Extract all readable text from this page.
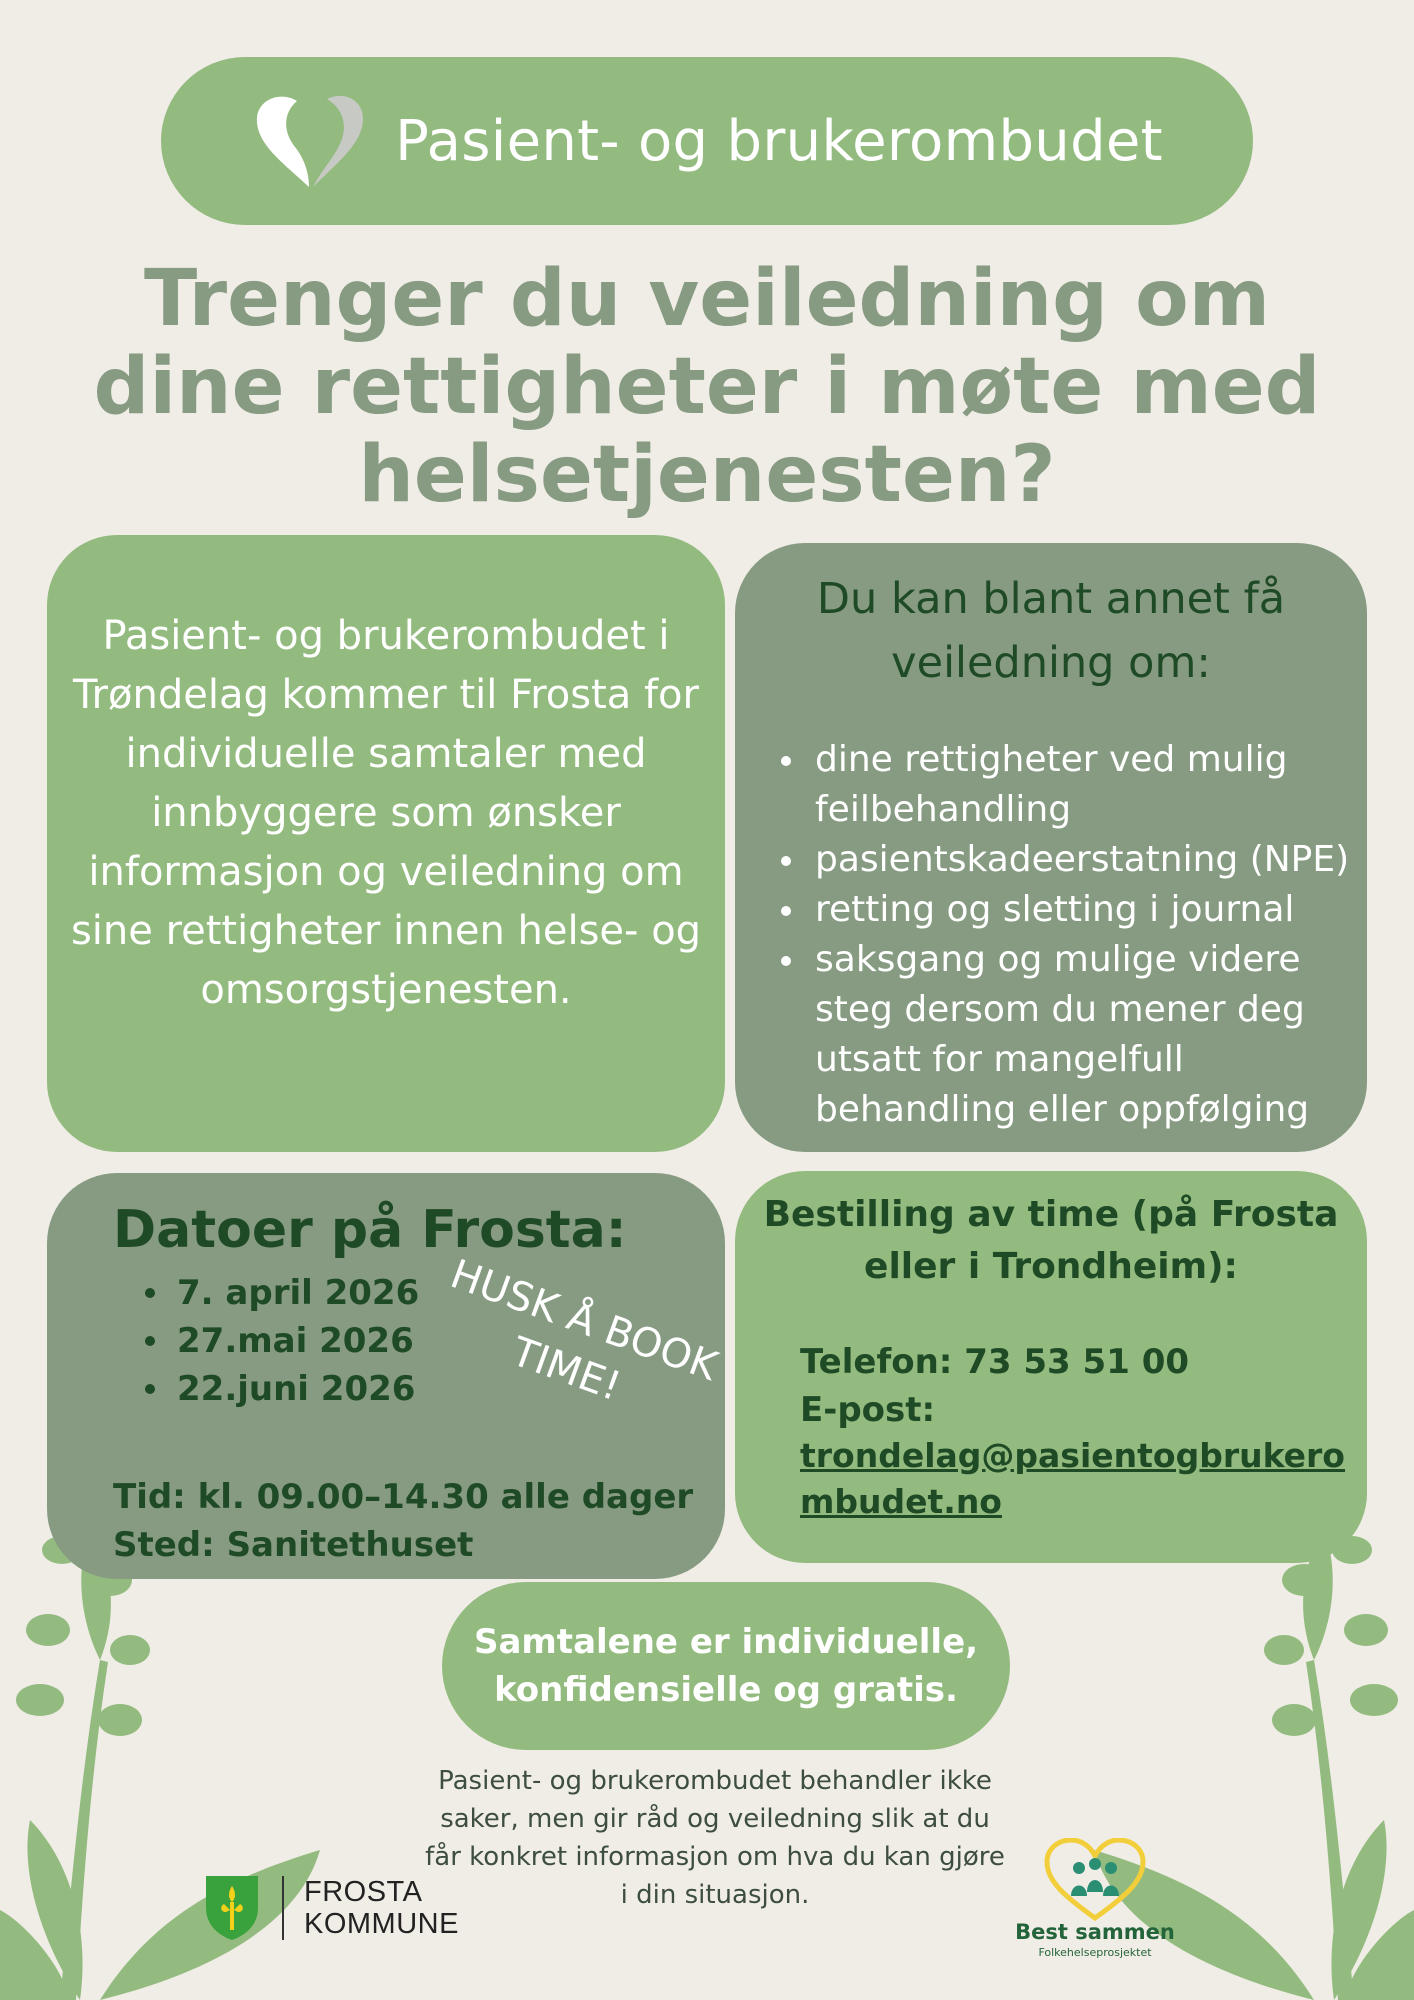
Pasient- og brukerombudet
Trenger du veiledning om dine rettigheter i møte med helsetjenesten?

Pasient- og brukerombudet i Trøndelag kommer til Frosta for individuelle samtaler med innbyggere som ønsker informasjon og veiledning om sine rettigheter innen helse- og omsorgstjenesten.

Du kan blant annet få veiledning om:
dine rettigheter ved mulig feilbehandling
pasientskadeerstatning (NPE)
retting og sletting i journal
saksgang og mulige videre steg dersom du mener deg utsatt for mangelfull behandling eller oppfølging
Datoer på Frosta:
7. april 2026
27.mai 2026
22.juni 2026 HUSK Å BOOK TIME!
Tid: kl. 09.00–14.30 alle dager
Sted: Sanitethuset
Bestilling av time (på Frosta eller i Trondheim):
Telefon: 73 53 51 00
E-post:
trondelag@pasientogbrukerombudet.no

Samtalene er individuelle, konfidensielle og gratis.

Pasient- og brukerombudet behandler ikke saker, men gir råd og veiledning slik at du får konkret informasjon om hva du kan gjøre i din situasjon.

FROSTA
KOMMUNE	Best sammen
Folkehelseprosjektet
